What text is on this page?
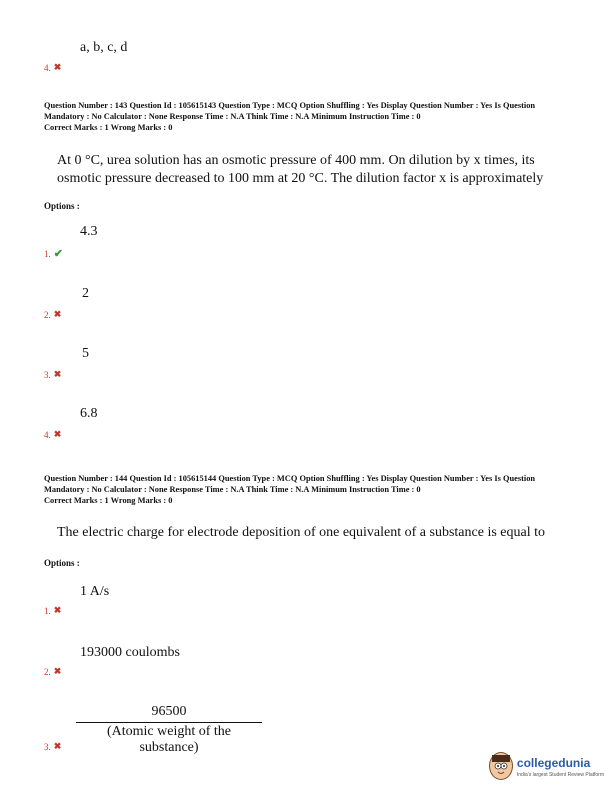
a, b, c, d
4. ✖
Question Number : 143 Question Id : 105615143 Question Type : MCQ Option Shuffling : Yes Display Question Number : Yes Is Question Mandatory : No Calculator : None Response Time : N.A Think Time : N.A Minimum Instruction Time : 0
Correct Marks : 1 Wrong Marks : 0
At 0 °C, urea solution has an osmotic pressure of 400 mm. On dilution by x times, its
osmotic pressure decreased to 100 mm at 20 °C. The dilution factor x is approximately
Options :
4.3
1. ✔
2
2. ✖
5
3. ✖
6.8
4. ✖
Question Number : 144 Question Id : 105615144 Question Type : MCQ Option Shuffling : Yes Display Question Number : Yes Is Question Mandatory : No Calculator : None Response Time : N.A Think Time : N.A Minimum Instruction Time : 0
Correct Marks : 1 Wrong Marks : 0
The electric charge for electrode deposition of one equivalent of a substance is equal to
Options :
1 A/s
1. ✖
193000 coulombs
2. ✖
96500
(Atomic weight of the substance)
3. ✖
collegedunia
India's largest Student Review Platform
